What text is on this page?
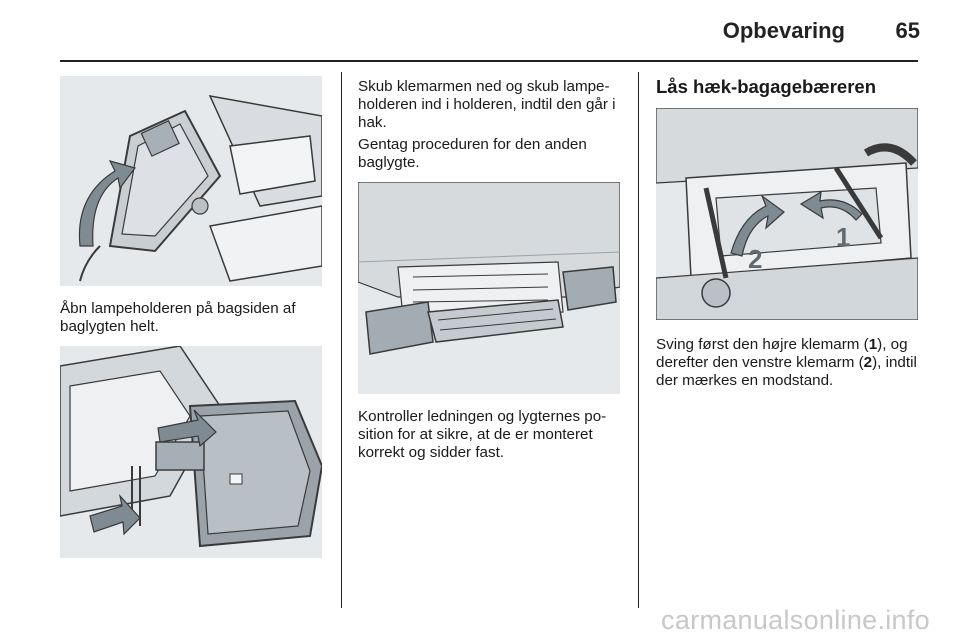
Opbevaring 65

Åbn lampeholderen på bagsiden af baglygten helt.

Skub klemarmen ned og skub lampeholderen ind i holderen, indtil den går i hak.

Gentag proceduren for den anden baglygte.

Kontroller ledningen og lygternes position for at sikre, at de er monteret korrekt og sidder fast.

Lås hæk-bagagebæreren
1
2

Sving først den højre klemarm (1), og derefter den venstre klemarm (2), indtil der mærkes en modstand.

carmanualsonline.info
